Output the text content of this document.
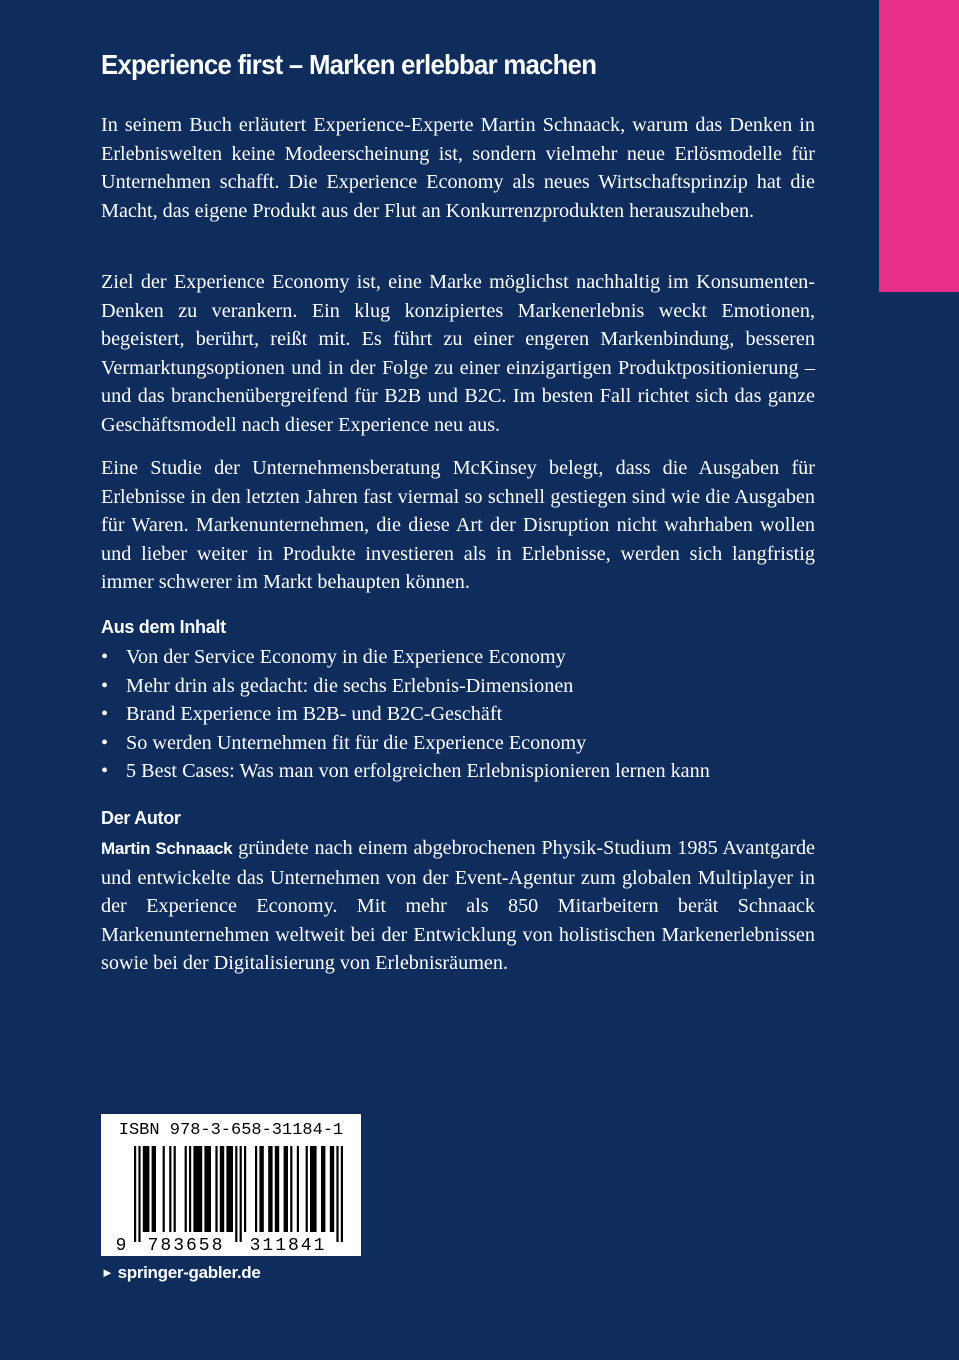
Experience first – Marken erlebbar machen

In seinem Buch erläutert Experience-Experte Martin Schnaack, warum das Denken in Erlebniswelten keine Modeerscheinung ist, sondern vielmehr neue Erlösmodelle für Unternehmen schafft. Die Experience Economy als neues Wirtschaftsprinzip hat die Macht, das eigene Produkt aus der Flut an Konkurrenzprodukten herauszuheben.

Ziel der Experience Economy ist, eine Marke möglichst nachhaltig im Konsumenten-Denken zu verankern. Ein klug konzipiertes Markenerlebnis weckt Emotionen, begeistert, berührt, reißt mit. Es führt zu einer engeren Markenbindung, besseren Vermarktungsoptionen und in der Folge zu einer einzigartigen Produktpositionierung – und das branchenübergreifend für B2B und B2C. Im besten Fall richtet sich das ganze Geschäftsmodell nach dieser Experience neu aus.

Eine Studie der Unternehmensberatung McKinsey belegt, dass die Ausgaben für Erlebnisse in den letzten Jahren fast viermal so schnell gestiegen sind wie die Ausgaben für Waren. Markenunternehmen, die diese Art der Disruption nicht wahrhaben wollen und lieber weiter in Produkte investieren als in Erlebnisse, werden sich langfristig immer schwerer im Markt behaupten können.

Aus dem Inhalt
• Von der Service Economy in die Experience Economy
• Mehr drin als gedacht: die sechs Erlebnis-Dimensionen
• Brand Experience im B2B- und B2C-Geschäft
• So werden Unternehmen fit für die Experience Economy
• 5 Best Cases: Was man von erfolgreichen Erlebnispionieren lernen kann
Der Autor

Martin Schnaack gründete nach einem abgebrochenen Physik-Studium 1985 Avantgarde und entwickelte das Unternehmen von der Event-Agentur zum globalen Multiplayer in der Experience Economy. Mit mehr als 850 Mitarbeitern berät Schnaack Markenunternehmen weltweit bei der Entwicklung von holistischen Markenerlebnissen sowie bei der Digitalisierung von Erlebnisräumen.

ISBN 978-3-658-31184-1
9 783658 311841
► springer-gabler.de
